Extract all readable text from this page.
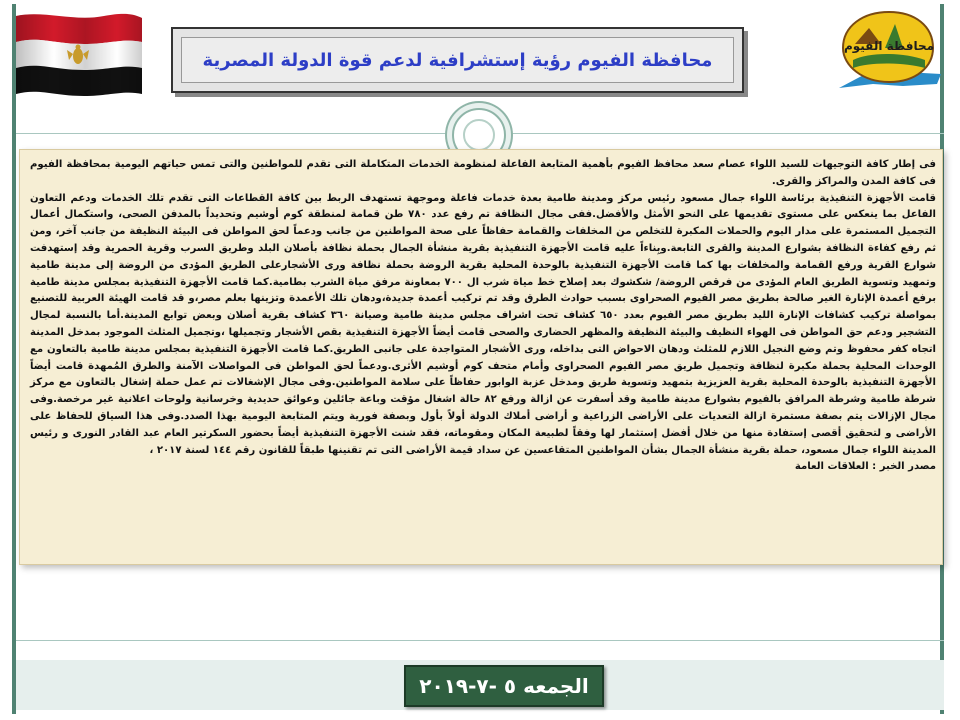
محافظة الفيوم رؤية إستشرافية لدعم قوة الدولة المصرية
محافظة الفيوم

فى إطار كافة التوجيهات للسيد اللواء عصام سعد محافظ الفيوم بأهمية المتابعة الفاعلة لمنظومة الخدمات المتكاملة التى تقدم للمواطنين والتى تمس حياتهم اليومية بمحافظة الفيوم فى كافة المدن والمراكز والقرى.

قامت الأجهزة التنفيذية برئاسة اللواء جمال مسعود رئيس مركز ومدينة طامية بعدة خدمات فاعلة وموجهة تستهدف الربط بين كافة القطاعات التى تقدم تلك الخدمات ودعم التعاون الفاعل بما ينعكس على مستوى تقديمها على النحو الأمثل والأفضل.ففى مجال النظافة تم رفع عدد ٧٨٠ طن قمامة لمنطقة كوم أوشيم وتحديداً بالمدفن الصحى، واستكمال أعمال التجميل المستمرة على مدار اليوم والحملات المكبرة للتخلص من المخلفات والقمامة حفاظاً على صحة المواطنين من جانب ودعماً لحق المواطن فى البيئة النظيفة من جانب آخر، ومن ثم رفع كفاءة النظافة بشوارع المدينة والقرى التابعة.وبِناءاً عليه قامت الأجهزة التنفيذية بقرية منشأة الجمال بحملة نظافة بأصلان البلد وطريق السرب وقرية الحمرية وقد إستهدفت شوارع القرية ورفع القمامة والمخلفات بها كما قامت الأجهزة التنفيذية بالوحدة المحلية بقرية الروضة بحملة نظافة ورى الأشجارعلى الطريق المؤدى من الروضة إلى مدينة طامية وتمهيد وتسوية الطريق العام المؤدى من فرقص الروضة/ شكشوك بعد إصلاح خط مياة شرب ال ٧٠٠ بمعاونة مرفق مياة الشرب بطامية.كما قامت الأجهزة التنفيذية بمجلس مدينة طامية برفع أعمدة الإنارة الغير صالحة بطريق مصر الفيوم الصحراوى بسبب حوادث الطرق وقد تم تركيب أعمدة جديدة،ودهان تلك الأعمدة وتزينها بعلم مصر،و قد قامت الهيئة العربية للتصنيع بمواصلة تركيب كشافات الإنارة الليد بطريق مصر الفيوم بعدد ٦٥٠ كشاف تحت اشراف مجلس مدينة طامية وصيانة ٣٦٠ كشاف بقرية أصلان وبعض توابع المدينة.أما بالنسبة لمجال التشجير ودعم حق المواطن فى الهواء النظيف والبيئة النظيفة والمظهر الحضارى والصحى قامت أيضاً الأجهزة التنفيذية بقص الأشجار وتجميلها ،وتجميل المثلث الموجود بمدخل المدينة اتجاه كفر محفوظ وتم وضع النجيل اللازم للمثلث ودهان الاحواض التى بداخله، ورى الأشجار المتواجدة على جانبى الطريق.كما قامت الأجهزة التنفيذية بمجلس مدينة طامية بالتعاون مع الوحدات المحلية بحملة مكبرة لنظافة وتجميل طريق مصر الفيوم الصحراوى وأمام متحف كوم أوشيم الأثرى.ودعماً لحق المواطن فى المواصلات الآمنة والطرق المُمهدة قامت أيضاً الأجهزة التنفيذية بالوحدة المحلية بقرية العزيزية بتمهيد وتسوية طريق ومدخل عزبة الوابور حفاظاً على سلامة المواطنين.وفى مجال الإشغالات تم عمل حملة إشغال بالتعاون مع مركز شرطة طامية وشرطة المرافق بالفيوم بشوارع مدينة طامية وقد أسفرت عن ازالة ورفع ٨٢ حالة اشغال مؤقت وباعة جائلين وعوائق حديدية وخرسانية ولوحات اعلانية غير مرخصة.وفى مجال الإزالات يتم بصفة مستمرة ازالة التعديات على الأراضى الزراعية و أراضى أملاك الدولة أولاً بأول وبصفة فورية ويتم المتابعة اليومية بهذا الصدد.وفى هذا السياق للحفاظ على الأراضى و لتحقيق أقصى إستفادة منها من خلال أفضل إستثمار لها وفقاً لطبيعة المكان ومقوماته، فقد شنت الأجهزة التنفيذية أيضاً بحضور السكرتير العام عبد القادر النورى و رئيس المدينة اللواء جمال مسعود، حملة بقرية منشأة الجمال بشأن المواطنين المتقاعسين عن سداد قيمة الأراضى التى تم تقنينها طبقاً للقانون رقم ١٤٤ لسنة ٢٠١٧ ،

مصدر الخبر : العلاقات العامة

الجمعه ٥ -٧-٢٠١٩
